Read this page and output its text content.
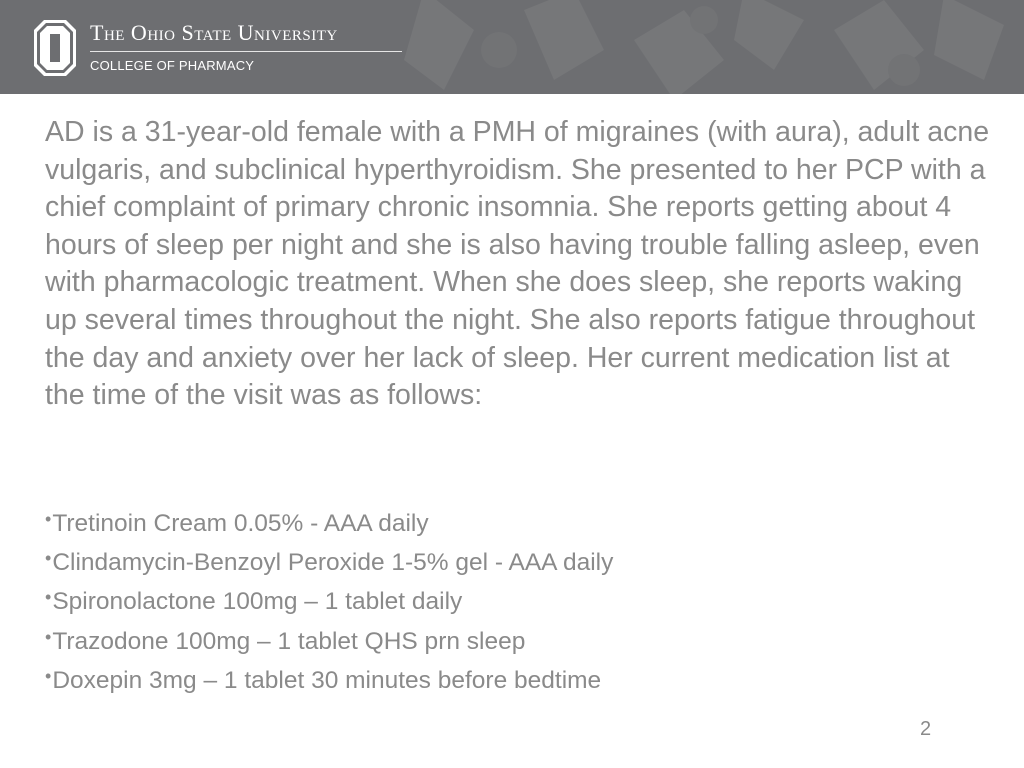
The Ohio State University
COLLEGE OF PHARMACY

AD is a 31-year-old female with a PMH of migraines (with aura), adult acne vulgaris, and subclinical hyperthyroidism. She presented to her PCP with a chief complaint of primary chronic insomnia. She reports getting about 4 hours of sleep per night and she is also having trouble falling asleep, even with pharmacologic treatment. When she does sleep, she reports waking up several times throughout the night. She also reports fatigue throughout the day and anxiety over her lack of sleep. Her current medication list at the time of the visit was as follows:

•Tretinoin Cream 0.05% - AAA daily
•Clindamycin-Benzoyl Peroxide 1-5% gel - AAA daily
•Spironolactone 100mg – 1 tablet daily
•Trazodone 100mg – 1 tablet QHS prn sleep
•Doxepin 3mg – 1 tablet 30 minutes before bedtime
2
